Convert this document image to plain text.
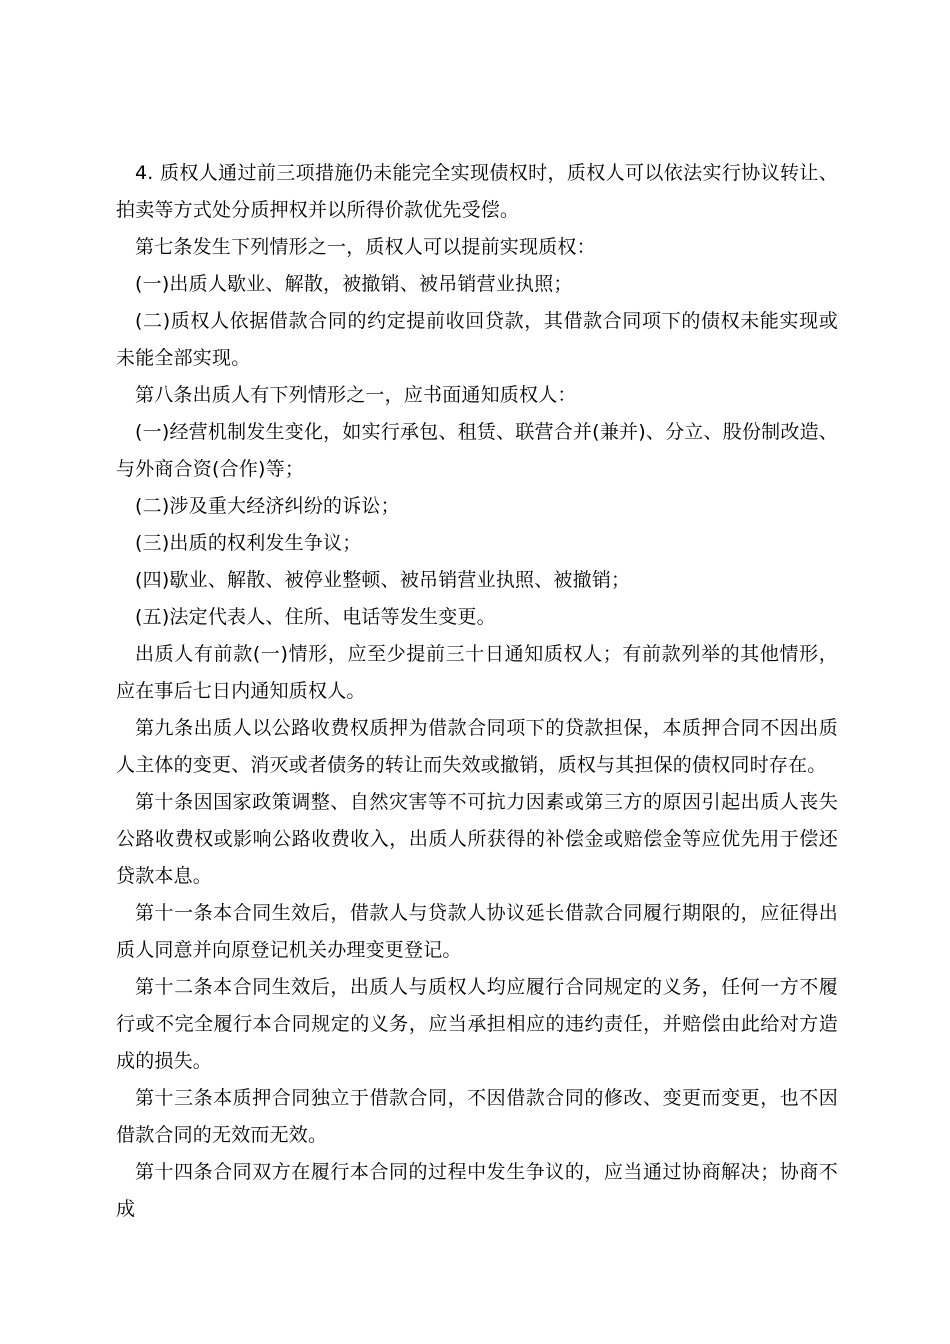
4. 质权人通过前三项措施仍未能完全实现债权时，质权人可以依法实行协议转让、拍卖等方式处分质押权并以所得价款优先受偿。

第七条发生下列情形之一，质权人可以提前实现质权：

(一)出质人歇业、解散，被撤销、被吊销营业执照；

(二)质权人依据借款合同的约定提前收回贷款，其借款合同项下的债权未能实现或未能全部实现。

第八条出质人有下列情形之一，应书面通知质权人：

(一)经营机制发生变化，如实行承包、租赁、联营合并(兼并)、分立、股份制改造、与外商合资(合作)等；

(二)涉及重大经济纠纷的诉讼；

(三)出质的权利发生争议；

(四)歇业、解散、被停业整顿、被吊销营业执照、被撤销；

(五)法定代表人、住所、电话等发生变更。

出质人有前款(一)情形，应至少提前三十日通知质权人；有前款列举的其他情形，应在事后七日内通知质权人。

第九条出质人以公路收费权质押为借款合同项下的贷款担保，本质押合同不因出质人主体的变更、消灭或者债务的转让而失效或撤销，质权与其担保的债权同时存在。

第十条因国家政策调整、自然灾害等不可抗力因素或第三方的原因引起出质人丧失公路收费权或影响公路收费收入，出质人所获得的补偿金或赔偿金等应优先用于偿还贷款本息。

第十一条本合同生效后，借款人与贷款人协议延长借款合同履行期限的，应征得出质人同意并向原登记机关办理变更登记。

第十二条本合同生效后，出质人与质权人均应履行合同规定的义务，任何一方不履行或不完全履行本合同规定的义务，应当承担相应的违约责任，并赔偿由此给对方造成的损失。

第十三条本质押合同独立于借款合同，不因借款合同的修改、变更而变更，也不因借款合同的无效而无效。

第十四条合同双方在履行本合同的过程中发生争议的，应当通过协商解决；协商不成
